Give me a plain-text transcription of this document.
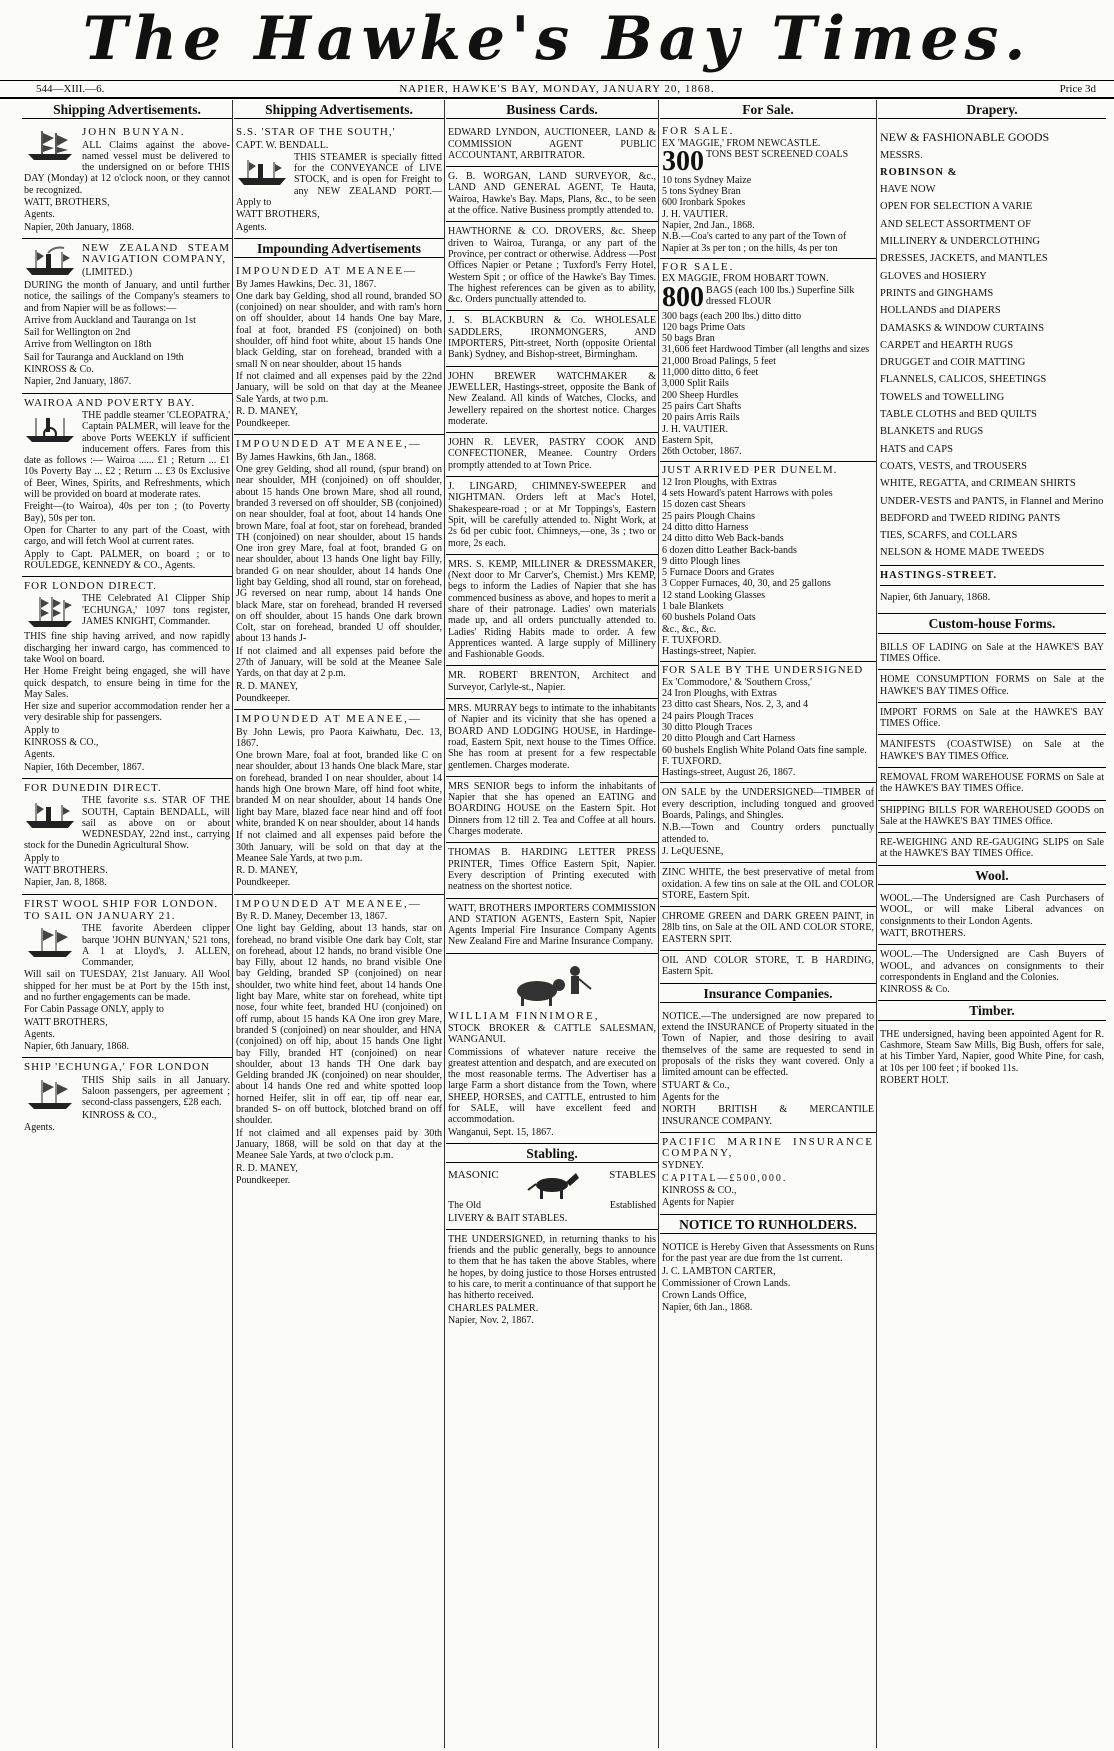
The Hawke's Bay Times.
544—XIII.—6.	NAPIER, HAWKE'S BAY, MONDAY, JANUARY 20, 1868.	Price 3d
Shipping Advertisements.

JOHN BUNYAN.

ALL Claims against the above-named vessel must be delivered to the undersigned on or before THIS DAY (Monday) at 12 o'clock noon, or they cannot be recognized.

WATT, BROTHERS,

Agents.

Napier, 20th January, 1868.

NEW ZEALAND STEAM NAVIGATION COMPANY,

(LIMITED.)

DURING the month of January, and until further notice, the sailings of the Company's steamers to and from Napier will be as follows:—

Arrive from Auckland and Tauranga on 1st

Sail for Wellington on 2nd

Arrive from Wellington on 18th

Sail for Tauranga and Auckland on 19th

KINROSS & Co.

Napier, 2nd January, 1867.

WAIROA AND POVERTY BAY.

THE paddle steamer 'CLEOPATRA,' Captain PALMER, will leave for the above Ports WEEKLY if sufficient inducement offers. Fares from this date as follows :— Wairoa ...... £1 ; Return ... £1 10s Poverty Bay ... £2 ; Return ... £3 0s Exclusive of Beer, Wines, Spirits, and Refreshments, which will be provided on board at moderate rates.

Freight—(to Wairoa), 40s per ton ; (to Poverty Bay), 50s per ton.

Open for Charter to any part of the Coast, with cargo, and will fetch Wool at current rates.

Apply to Capt. PALMER, on board ; or to ROULEDGE, KENNEDY & CO., Agents.

FOR LONDON DIRECT.

THE Celebrated A1 Clipper Ship 'ECHUNGA,' 1097 tons register, JAMES KNIGHT, Commander.

THIS fine ship having arrived, and now rapidly discharging her inward cargo, has commenced to take Wool on board.

Her Home Freight being engaged, she will have quick despatch, to ensure being in time for the May Sales.

Her size and superior accommodation render her a very desirable ship for passengers.

Apply to

KINROSS & CO.,

Agents.

Napier, 16th December, 1867.

FOR DUNEDIN DIRECT.

THE favorite s.s. STAR OF THE SOUTH, Captain BENDALL, will sail as above on or about WEDNESDAY, 22nd inst., carrying stock for the Dunedin Agricultural Show.

Apply to

WATT BROTHERS.

Napier, Jan. 8, 1868.

FIRST WOOL SHIP FOR LONDON.

TO SAIL ON JANUARY 21.

THE favorite Aberdeen clipper barque 'JOHN BUNYAN,' 521 tons, A 1 at Lloyd's, J. ALLEN, Commander,

Will sail on TUESDAY, 21st January. All Wool shipped for her must be at Port by the 15th inst, and no further engagements can be made.

For Cabin Passage ONLY, apply to

WATT BROTHERS,

Agents.

Napier, 6th January, 1868.

SHIP 'ECHUNGA,' FOR LONDON

THIS Ship sails in all January. Saloon passengers, per agreement ; second-class passengers, £28 each.

KINROSS & CO.,

Agents.

Shipping Advertisements.

S.S. 'STAR OF THE SOUTH,'

CAPT. W. BENDALL.

THIS STEAMER is specially fitted for the CONVEYANCE of LIVE STOCK, and is open for Freight to any NEW ZEALAND PORT.—Apply to

WATT BROTHERS,

Agents.

Impounding Advertisements

IMPOUNDED AT MEANEE—

By James Hawkins, Dec. 31, 1867.

One dark bay Gelding, shod all round, branded SO (conjoined) on near shoulder, and with ram's horn on off shoulder, about 14 hands One bay Mare, foal at foot, branded FS (conjoined) on both shoulder, off hind foot white, about 15 hands One black Gelding, star on forehead, branded with a small N on near shoulder, about 15 hands

If not claimed and all expenses paid by the 22nd January, will be sold on that day at the Meanee Sale Yards, at two p.m.

R. D. MANEY,

Poundkeeper.

IMPOUNDED AT MEANEE,—

By James Hawkins, 6th Jan., 1868.

One grey Gelding, shod all round, (spur brand) on near shoulder, MH (conjoined) on off shoulder, about 15 hands One brown Mare, shod all round, branded 3 reversed on off shoulder, SB (conjoined) on near shoulder, foal at foot, about 14 hands One brown Mare, foal at foot, star on forehead, branded TH (conjoined) on near shoulder, about 15 hands One iron grey Mare, foal at foot, branded G on near shoulder, about 13 hands One light bay Filly, branded G on near shoulder, about 14 hands One light bay Gelding, shod all round, star on forehead, JG reversed on near rump, about 14 hands One black Mare, star on forehead, branded H reversed on off shoulder, about 15 hands One dark brown Colt, star on forehead, branded U off shoulder, about 13 hands J-

If not claimed and all expenses paid before the 27th of January, will be sold at the Meanee Sale Yards, on that day at 2 p.m.

R. D. MANEY,

Poundkeeper.

IMPOUNDED AT MEANEE,—

By John Lewis, pro Paora Kaiwhatu, Dec. 13, 1867.

One brown Mare, foal at foot, branded like C on near shoulder, about 13 hands One black Mare, star on forehead, branded I on near shoulder, about 14 hands high One brown Mare, off hind foot white, branded M on near shoulder, about 14 hands One light bay Mare, blazed face near hind and off foot white, branded K on near shoulder, about 14 hands

If not claimed and all expenses paid before the 30th January, will be sold on that day at the Meanee Sale Yards, at two p.m.

R. D. MANEY,

Poundkeeper.

IMPOUNDED AT MEANEE,—

By R. D. Maney, December 13, 1867.

One light bay Gelding, about 13 hands, star on forehead, no brand visible One dark bay Colt, star on forehead, about 12 hands, no brand visible One bay Filly, about 12 hands, no brand visible One bay Gelding, branded SP (conjoined) on near shoulder, two white hind feet, about 14 hands One light bay Mare, white star on forehead, white tipt nose, four white feet, branded HU (conjoined) on off rump, about 15 hands KA One iron grey Mare, branded S (conjoined) on near shoulder, and HNA (conjoined) on off hip, about 15 hands One light bay Filly, branded HT (conjoined) on near shoulder, about 13 hands TH One dark bay Gelding branded JK (conjoined) on near shoulder, about 14 hands One red and white spotted loop horned Heifer, slit in off ear, tip off near ear, branded S- on off buttock, blotched brand on off shoulder.

If not claimed and all expenses paid by 30th January, 1868, will be sold on that day at the Meanee Sale Yards, at two o'clock p.m.

R. D. MANEY,

Poundkeeper.

Business Cards.

EDWARD LYNDON, AUCTIONEER, LAND & COMMISSION AGENT PUBLIC ACCOUNTANT, ARBITRATOR.

G. B. WORGAN, LAND SURVEYOR, &c., LAND AND GENERAL AGENT, Te Hauta, Wairoa, Hawke's Bay. Maps, Plans, &c., to be seen at the office. Native Business promptly attended to.

HAWTHORNE & CO. DROVERS, &c. Sheep driven to Wairoa, Turanga, or any part of the Province, per contract or otherwise. Address —Post Offices Napier or Petane ; Tuxford's Ferry Hotel, Western Spit ; or office of the Hawke's Bay Times. The highest references can be given as to ability, &c. Orders punctually attended to.

J. S. BLACKBURN & Co. WHOLESALE SADDLERS, IRONMONGERS, AND IMPORTERS, Pitt-street, North (opposite Oriental Bank) Sydney, and Bishop-street, Birmingham.

JOHN BREWER WATCHMAKER & JEWELLER, Hastings-street, opposite the Bank of New Zealand. All kinds of Watches, Clocks, and Jewellery repaired on the shortest notice. Charges moderate.

JOHN R. LEVER, PASTRY COOK AND CONFECTIONER, Meanee. Country Orders promptly attended to at Town Price.

J. LINGARD, CHIMNEY-SWEEPER and NIGHTMAN. Orders left at Mac's Hotel, Shakespeare-road ; or at Mr Toppings's, Eastern Spit, will be carefully attended to. Night Work, at 2s 6d per cubic foot. Chimneys,—one, 3s ; two or more, 2s each.

MRS. S. KEMP, MILLINER & DRESSMAKER, (Next door to Mr Carver's, Chemist.) Mrs KEMP, begs to inform the Ladies of Napier that she has commenced business as above, and hopes to merit a share of their patronage. Ladies' own materials made up, and all orders punctually attended to. Ladies' Riding Habits made to order. A few Apprentices wanted. A large supply of Millinery and Fashionable Goods.

MR. ROBERT BRENTON, Architect and Surveyor, Carlyle-st., Napier.

MRS. MURRAY begs to intimate to the inhabitants of Napier and its vicinity that she has opened a BOARD AND LODGING HOUSE, in Hardinge-road, Eastern Spit, next house to the Times Office. She has room at present for a few respectable gentlemen. Charges moderate.

MRS SENIOR begs to inform the inhabitants of Napier that she has opened an EATING and BOARDING HOUSE on the Eastern Spit. Hot Dinners from 12 till 2. Tea and Coffee at all hours. Charges moderate.

THOMAS B. HARDING LETTER PRESS PRINTER, Times Office Eastern Spit, Napier. Every description of Printing executed with neatness on the shortest notice.

WATT, BROTHERS IMPORTERS COMMISSION AND STATION AGENTS, Eastern Spit, Napier Agents Imperial Fire Insurance Company Agents New Zealand Fire and Marine Insurance Company.

WILLIAM FINNIMORE,

STOCK BROKER & CATTLE SALESMAN, WANGANUI.

Commissions of whatever nature receive the greatest attention and despatch, and are executed on the most reasonable terms. The Advertiser has a large Farm a short distance from the Town, where SHEEP, HORSES, and CATTLE, entrusted to him for SALE, will have excellent feed and accommodation.

Wanganui, Sept. 15, 1867.

Stabling.
MASONIC	STABLES
The Old	Established

LIVERY & BAIT STABLES.

THE UNDERSIGNED, in returning thanks to his friends and the public generally, begs to announce to them that he has taken the above Stables, where he hopes, by doing justice to those Horses entrusted to his care, to merit a continuance of that support he has hitherto received.

CHARLES PALMER.

Napier, Nov. 2, 1867.

For Sale.

FOR SALE.

EX 'MAGGIE,' FROM NEWCASTLE.

300 TONS BEST SCREENED COALS

10 tons Sydney Maize

5 tons Sydney Bran

600 Ironbark Spokes

J. H. VAUTIER.

Napier, 2nd Jan., 1868.

N.B.—Coa's carted to any part of the Town of Napier at 3s per ton ; on the hills, 4s per ton

FOR SALE.

EX MAGGIE, FROM HOBART TOWN.

800 BAGS (each 100 lbs.) Superfine Silk dressed FLOUR

300 bags (each 200 lbs.) ditto ditto

120 bags Prime Oats

50 bags Bran

31,606 feet Hardwood Timber (all lengths and sizes

21,000 Broad Palings, 5 feet

11,000 ditto ditto, 6 feet

3,000 Split Rails

200 Sheep Hurdles

25 pairs Cart Shafts

20 pairs Arris Rails

J. H. VAUTIER.

Eastern Spit,

26th October, 1867.

JUST ARRIVED PER DUNELM.

12 Iron Ploughs, with Extras

4 sets Howard's patent Harrows with poles

15 dozen cast Shears

25 pairs Plough Chains

24 ditto ditto Harness

24 ditto ditto Web Back-bands

6 dozen ditto Leather Back-bands

9 ditto Plough lines

5 Furnace Doors and Grates

3 Copper Furnaces, 40, 30, and 25 gallons

12 stand Looking Glasses

1 bale Blankets

60 bushels Poland Oats

&c., &c., &c.

F. TUXFORD.

Hastings-street, Napier.

FOR SALE BY THE UNDERSIGNED

Ex 'Commodore,' & 'Southern Cross,'

24 Iron Ploughs, with Extras

23 ditto cast Shears, Nos. 2, 3, and 4

24 pairs Plough Traces

30 ditto Plough Traces

20 ditto Plough and Cart Harness

60 bushels English White Poland Oats fine sample.

F. TUXFORD.

Hastings-street, August 26, 1867.

ON SALE by the UNDERSIGNED—TIMBER of every description, including tongued and grooved Boards, Palings, and Shingles.

N.B.—Town and Country orders punctually attended to.

J. LeQUESNE,

ZINC WHITE, the best preservative of metal from oxidation. A few tins on sale at the OIL and COLOR STORE, Eastern Spit.

CHROME GREEN and DARK GREEN PAINT, in 28lb tins, on Sale at the OIL AND COLOR STORE, EASTERN SPIT.

OIL AND COLOR STORE, T. B HARDING, Eastern Spit.

Insurance Companies.

NOTICE.—The undersigned are now prepared to extend the INSURANCE of Property situated in the Town of Napier, and those desiring to avail themselves of the same are requested to send in proposals of the risks they want covered. Only a limited amount can be effected.

STUART & Co.,

Agents for the

NORTH BRITISH & MERCANTILE INSURANCE COMPANY.

PACIFIC MARINE INSURANCE COMPANY,

SYDNEY.

CAPITAL—£500,000.

KINROSS & CO.,

Agents for Napier

NOTICE TO RUNHOLDERS.

NOTICE is Hereby Given that Assessments on Runs for the past year are due from the 1st current.

J. C. LAMBTON CARTER,

Commissioner of Crown Lands.

Crown Lands Office,

Napier, 6th Jan., 1868.

Drapery.

NEW & FASHIONABLE GOODS

MESSRS.

ROBINSON &

HAVE NOW

OPEN FOR SELECTION A VARIE

AND SELECT ASSORTMENT OF

MILLINERY & UNDERCLOTHING

DRESSES, JACKETS, and MANTLES

GLOVES and HOSIERY

PRINTS and GINGHAMS

HOLLANDS and DIAPERS

DAMASKS & WINDOW CURTAINS

CARPET and HEARTH RUGS

DRUGGET and COIR MATTING

FLANNELS, CALICOS, SHEETINGS

TOWELS and TOWELLING

TABLE CLOTHS and BED QUILTS

BLANKETS and RUGS

HATS and CAPS

COATS, VESTS, and TROUSERS

WHITE, REGATTA, and CRIMEAN SHIRTS

UNDER-VESTS and PANTS, in Flannel and Merino

BEDFORD and TWEED RIDING PANTS

TIES, SCARFS, and COLLARS

NELSON & HOME MADE TWEEDS

HASTINGS-STREET.

Napier, 6th January, 1868.

Custom-house Forms.

BILLS OF LADING on Sale at the HAWKE'S BAY TIMES Office.

HOME CONSUMPTION FORMS on Sale at the HAWKE'S BAY TIMES Office.

IMPORT FORMS on Sale at the HAWKE'S BAY TIMES Office.

MANIFESTS (COASTWISE) on Sale at the HAWKE'S BAY TIMES Office.

REMOVAL FROM WAREHOUSE FORMS on Sale at the HAWKE'S BAY TIMES Office.

SHIPPING BILLS FOR WAREHOUSED GOODS on Sale at the HAWKE'S BAY TIMES Office.

RE-WEIGHING AND RE-GAUGING SLIPS on Sale at the HAWKE'S BAY TIMES Office.

Wool.

WOOL.—The Undersigned are Cash Purchasers of WOOL, or will make Liberal advances on consignments to their London Agents.

WATT, BROTHERS.

WOOL.—The Undersigned are Cash Buyers of WOOL, and advances on consignments to their correspondents in England and the Colonies.

KINROSS & Co.

Timber.

THE undersigned, having been appointed Agent for R. Cashmore, Steam Saw Mills, Big Bush, offers for sale, at his Timber Yard, Napier, good White Pine, for cash, at 10s per 100 feet ; if booked 11s.

ROBERT HOLT.
